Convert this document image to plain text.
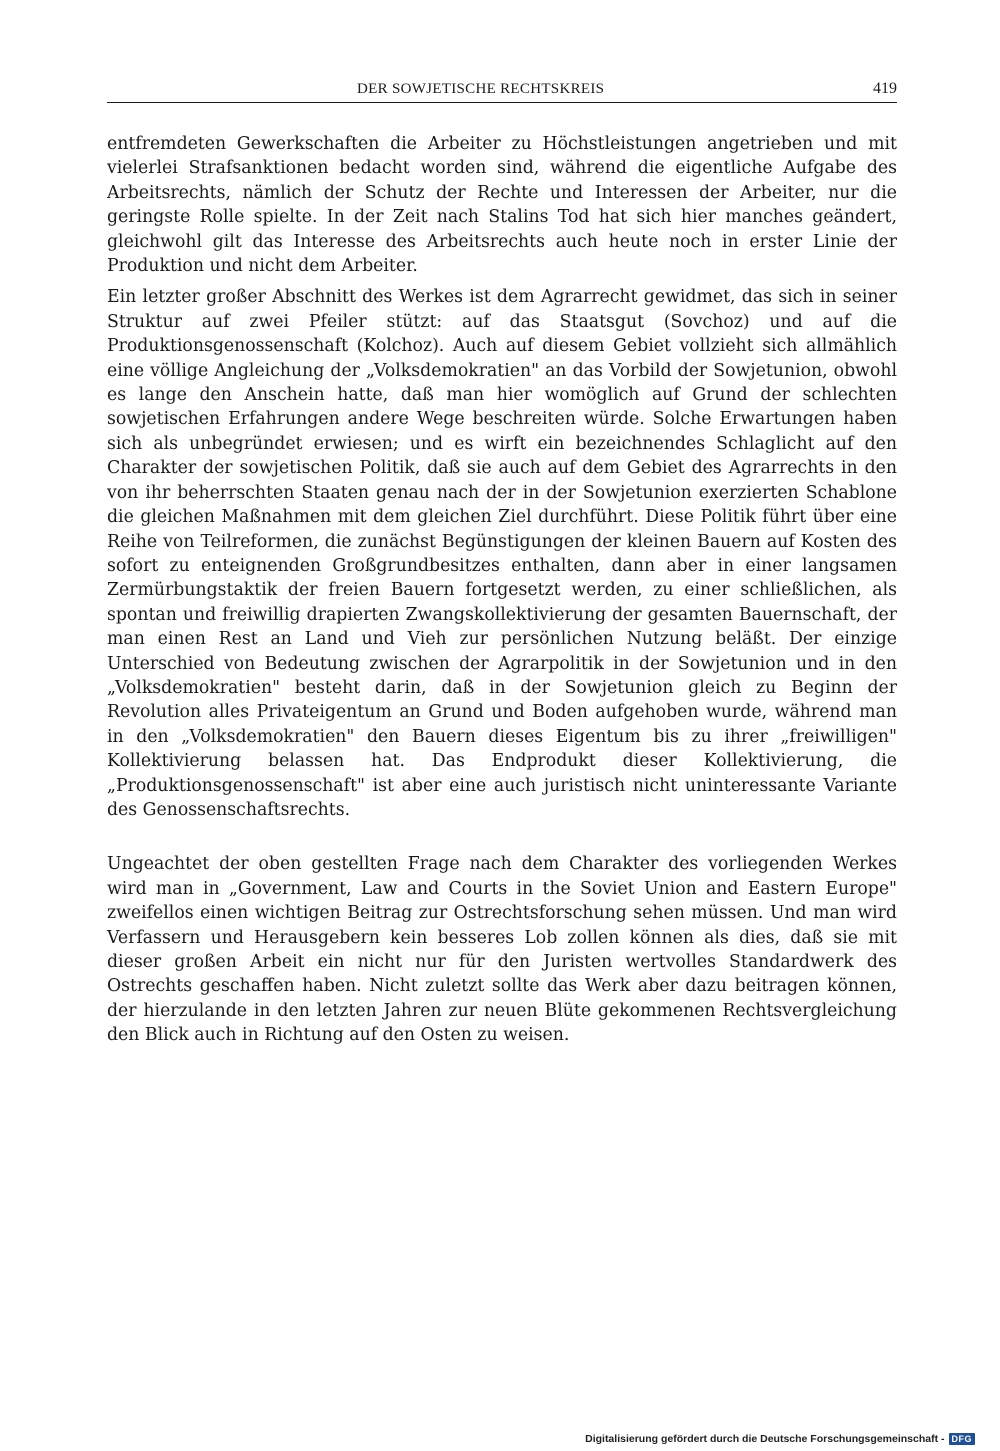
DER SOWJETISCHE RECHTSKREIS	419

entfremdeten Gewerkschaften die Arbeiter zu Höchstleistungen angetrieben und mit vielerlei Strafsanktionen bedacht worden sind, während die eigentliche Aufgabe des Arbeitsrechts, nämlich der Schutz der Rechte und Interessen der Arbeiter, nur die geringste Rolle spielte. In der Zeit nach Stalins Tod hat sich hier manches geändert, gleichwohl gilt das Interesse des Arbeitsrechts auch heute noch in erster Linie der Produktion und nicht dem Arbeiter.

Ein letzter großer Abschnitt des Werkes ist dem Agrarrecht gewidmet, das sich in seiner Struktur auf zwei Pfeiler stützt: auf das Staatsgut (Sovchoz) und auf die Produktionsgenossenschaft (Kolchoz). Auch auf diesem Gebiet vollzieht sich allmählich eine völlige Angleichung der „Volksdemokratien" an das Vorbild der Sowjetunion, obwohl es lange den Anschein hatte, daß man hier womöglich auf Grund der schlechten sowjetischen Erfahrungen andere Wege beschreiten würde. Solche Erwartungen haben sich als unbegründet erwiesen; und es wirft ein bezeichnendes Schlaglicht auf den Charakter der sowjetischen Politik, daß sie auch auf dem Gebiet des Agrarrechts in den von ihr beherrschten Staaten genau nach der in der Sowjetunion exerzierten Schablone die gleichen Maßnahmen mit dem gleichen Ziel durchführt. Diese Politik führt über eine Reihe von Teilreformen, die zunächst Begünstigungen der kleinen Bauern auf Kosten des sofort zu enteignenden Großgrundbesitzes enthalten, dann aber in einer langsamen Zermürbungstaktik der freien Bauern fortgesetzt werden, zu einer schließlichen, als spontan und freiwillig drapierten Zwangskollektivierung der gesamten Bauernschaft, der man einen Rest an Land und Vieh zur persönlichen Nutzung beläßt. Der einzige Unterschied von Bedeutung zwischen der Agrarpolitik in der Sowjetunion und in den „Volksdemokratien" besteht darin, daß in der Sowjetunion gleich zu Beginn der Revolution alles Privateigentum an Grund und Boden aufgehoben wurde, während man in den „Volksdemokratien" den Bauern dieses Eigentum bis zu ihrer „freiwilligen" Kollektivierung belassen hat. Das Endprodukt dieser Kollektivierung, die „Produktionsgenossenschaft" ist aber eine auch juristisch nicht uninteressante Variante des Genossenschaftsrechts.

Ungeachtet der oben gestellten Frage nach dem Charakter des vorliegenden Werkes wird man in „Government, Law and Courts in the Soviet Union and Eastern Europe" zweifellos einen wichtigen Beitrag zur Ostrechtsforschung sehen müssen. Und man wird Verfassern und Herausgebern kein besseres Lob zollen können als dies, daß sie mit dieser großen Arbeit ein nicht nur für den Juristen wertvolles Standardwerk des Ostrechts geschaffen haben. Nicht zuletzt sollte das Werk aber dazu beitragen können, der hierzulande in den letzten Jahren zur neuen Blüte gekommenen Rechtsvergleichung den Blick auch in Richtung auf den Osten zu weisen.

Digitalisierung gefördert durch die Deutsche Forschungsgemeinschaft - DFG
